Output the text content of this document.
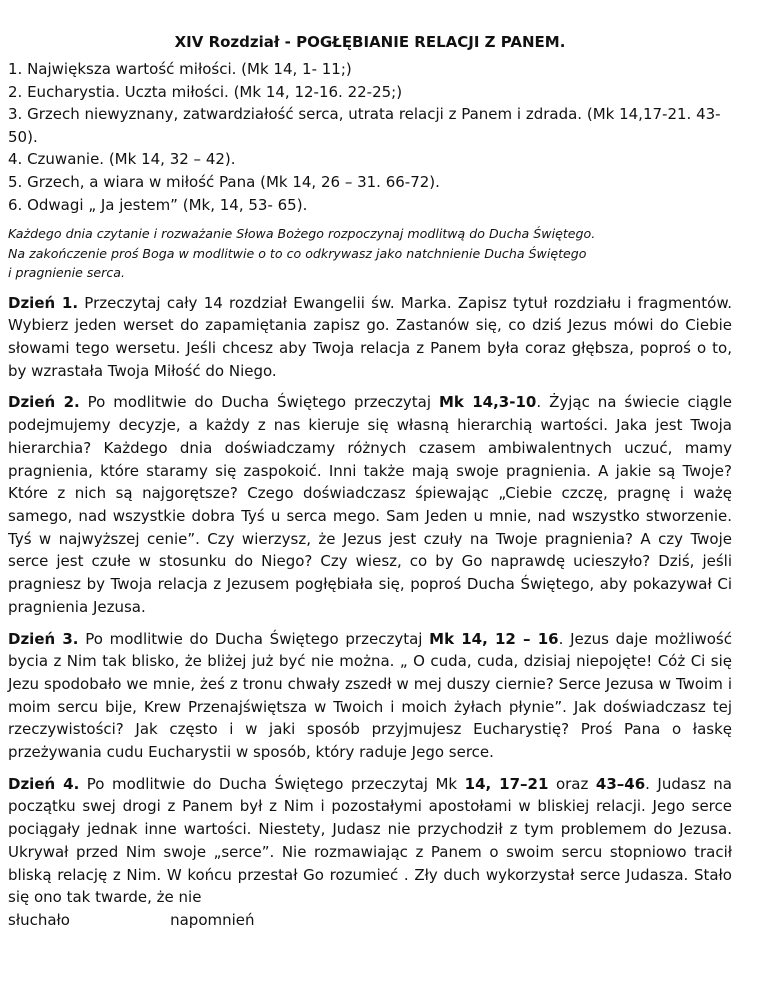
XIV Rozdział - POGŁĘBIANIE RELACJI Z PANEM.
1. Największa wartość miłości. (Mk 14, 1- 11;)
2. Eucharystia. Uczta miłości. (Mk 14, 12-16. 22-25;)
3. Grzech niewyznany, zatwardziałość serca, utrata relacji z Panem i zdrada. (Mk 14,17-21. 43-50).
4. Czuwanie. (Mk 14, 32 – 42).
5. Grzech, a wiara w miłość Pana (Mk 14, 26 – 31. 66-72).
6. Odwagi „ Ja jestem” (Mk, 14, 53- 65).
Każdego dnia czytanie i rozważanie Słowa Bożego rozpoczynaj modlitwą do Ducha Świętego.
Na zakończenie proś Boga w modlitwie o to co odkrywasz jako natchnienie Ducha Świętego
i pragnienie serca.

Dzień 1. Przeczytaj cały 14 rozdział Ewangelii św. Marka. Zapisz tytuł rozdziału i fragmentów. Wybierz jeden werset do zapamiętania zapisz go. Zastanów się, co dziś Jezus mówi do Ciebie słowami tego wersetu. Jeśli chcesz aby Twoja relacja z Panem była coraz głębsza, poproś o to, by wzrastała Twoja Miłość do Niego.

Dzień 2. Po modlitwie do Ducha Świętego przeczytaj Mk 14,3-10. Żyjąc na świecie ciągle podejmujemy decyzje, a każdy z nas kieruje się własną hierarchią wartości. Jaka jest Twoja hierarchia? Każdego dnia doświadczamy różnych czasem ambiwalentnych uczuć, mamy pragnienia, które staramy się zaspokoić. Inni także mają swoje pragnienia. A jakie są Twoje? Które z nich są najgorętsze? Czego doświadczasz śpiewając „Ciebie czczę, pragnę i ważę samego, nad wszystkie dobra Tyś u serca mego. Sam Jeden u mnie, nad wszystko stworzenie. Tyś w najwyższej cenie”. Czy wierzysz, że Jezus jest czuły na Twoje pragnienia? A czy Twoje serce jest czułe w stosunku do Niego? Czy wiesz, co by Go naprawdę ucieszyło? Dziś, jeśli pragniesz by Twoja relacja z Jezusem pogłębiała się, poproś Ducha Świętego, aby pokazywał Ci pragnienia Jezusa.

Dzień 3. Po modlitwie do Ducha Świętego przeczytaj Mk 14, 12 – 16. Jezus daje możliwość bycia z Nim tak blisko, że bliżej już być nie można. „ O cuda, cuda, dzisiaj niepojęte! Cóż Ci się Jezu spodobało we mnie, żeś z tronu chwały zszedł w mej duszy ciernie? Serce Jezusa w Twoim i moim sercu bije, Krew Przenajświętsza w Twoich i moich żyłach płynie”. Jak doświadczasz tej rzeczywistości? Jak często i w jaki sposób przyjmujesz Eucharystię? Proś Pana o łaskę przeżywania cudu Eucharystii w sposób, który raduje Jego serce.

Dzień 4. Po modlitwie do Ducha Świętego przeczytaj Mk 14, 17–21 oraz 43–46. Judasz na początku swej drogi z Panem był z Nim i pozostałymi apostołami w bliskiej relacji. Jego serce pociągały jednak inne wartości. Niestety, Judasz nie przychodził z tym problemem do Jezusa. Ukrywał przed Nim swoje „serce”. Nie rozmawiając z Panem o swoim sercu stopniowo tracił bliską relację z Nim. W końcu przestał Go rozumieć . Zły duch wykorzystał serce Judasza. Stało się ono tak twarde, że nie
słuchało                     napomnień
